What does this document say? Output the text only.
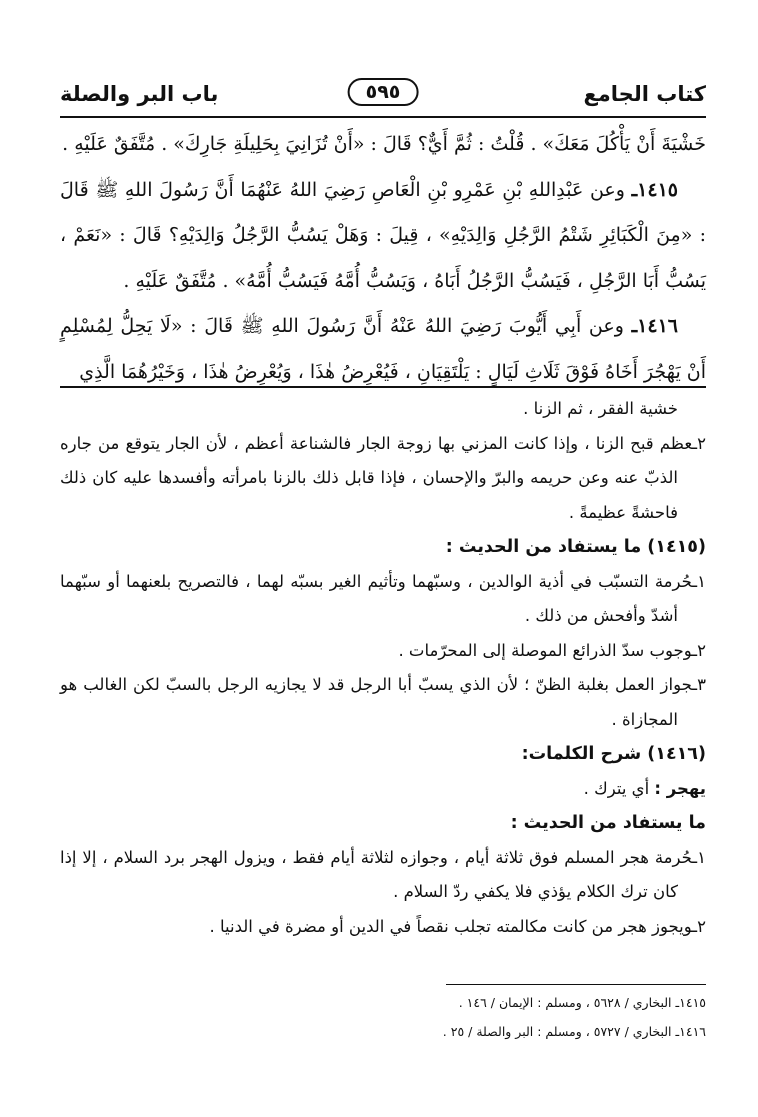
كتاب الجامع
٥٩٥
باب البر والصلة

خَشْيَةَ أَنْ يَأْكُلَ مَعَكَ» . قُلْتُ : ثُمَّ أَيٌّ؟ قَالَ : «أَنْ تُزَانِيَ بِحَلِيلَةِ جَارِكَ» . مُتَّفَقٌ عَلَيْهِ .

١٤١٥ـ وعن عَبْدِاللهِ بْنِ عَمْرِو بْنِ الْعَاصِ رَضِيَ اللهُ عَنْهُمَا أَنَّ رَسُولَ اللهِ ﷺ قَالَ : «مِنَ الْكَبَائِرِ شَتْمُ الرَّجُلِ وَالِدَيْهِ» ، قِيلَ : وَهَلْ يَسُبُّ الرَّجُلُ وَالِدَيْهِ؟ قَالَ : «نَعَمْ ، يَسُبُّ أَبَا الرَّجُلِ ، فَيَسُبُّ الرَّجُلُ أَبَاهُ ، وَيَسُبُّ أُمَّهُ فَيَسُبُّ أُمَّهُ» . مُتَّفَقٌ عَلَيْهِ .

١٤١٦ـ وعن أَبِي أَيُّوبَ رَضِيَ اللهُ عَنْهُ أَنَّ رَسُولَ اللهِ ﷺ قَالَ : «لَا يَحِلُّ لِمُسْلِمٍ أَنْ يَهْجُرَ أَخَاهُ فَوْقَ ثَلَاثِ لَيَالٍ : يَلْتَقِيَانِ ، فَيُعْرِضُ هٰذَا ، وَيُعْرِضُ هٰذَا ، وَخَيْرُهُمَا الَّذِي

خشية الفقر ، ثم الزنا .

٢ـعظم قبح الزنا ، وإذا كانت المزني بها زوجة الجار فالشناعة أعظم ، لأن الجار يتوقع من جاره الذبّ عنه وعن حريمه والبرّ والإحسان ، فإذا قابل ذلك بالزنا بامرأته وأفسدها عليه كان ذلك فاحشةً عظيمةً .

(١٤١٥) ما يستفاد من الحديث :

١ـحُرمة التسبّب في أذية الوالدين ، وسبّهما وتأثيم الغير بسبّه لهما ، فالتصريح بلعنهما أو سبّهما أشدّ وأفحش من ذلك .

٢ـوجوب سدّ الذرائع الموصلة إلى المحرّمات .

٣ـجواز العمل بغلبة الظنّ ؛ لأن الذي يسبّ أبا الرجل قد لا يجازيه الرجل بالسبّ لكن الغالب هو المجازاة .

(١٤١٦) شرح الكلمات:

يهجر : أي يترك .

ما يستفاد من الحديث :

١ـحُرمة هجر المسلم فوق ثلاثة أيام ، وجوازه لثلاثة أيام فقط ، ويزول الهجر برد السلام ، إلا إذا كان ترك الكلام يؤذي فلا يكفي ردّ السلام .

٢ـويجوز هجر من كانت مكالمته تجلب نقصاً في الدين أو مضرة في الدنيا .

١٤١٥ـ البخاري / ٥٦٢٨ ، ومسلم : الإيمان / ١٤٦ .

١٤١٦ـ البخاري / ٥٧٢٧ ، ومسلم : البر والصلة / ٢٥ .
